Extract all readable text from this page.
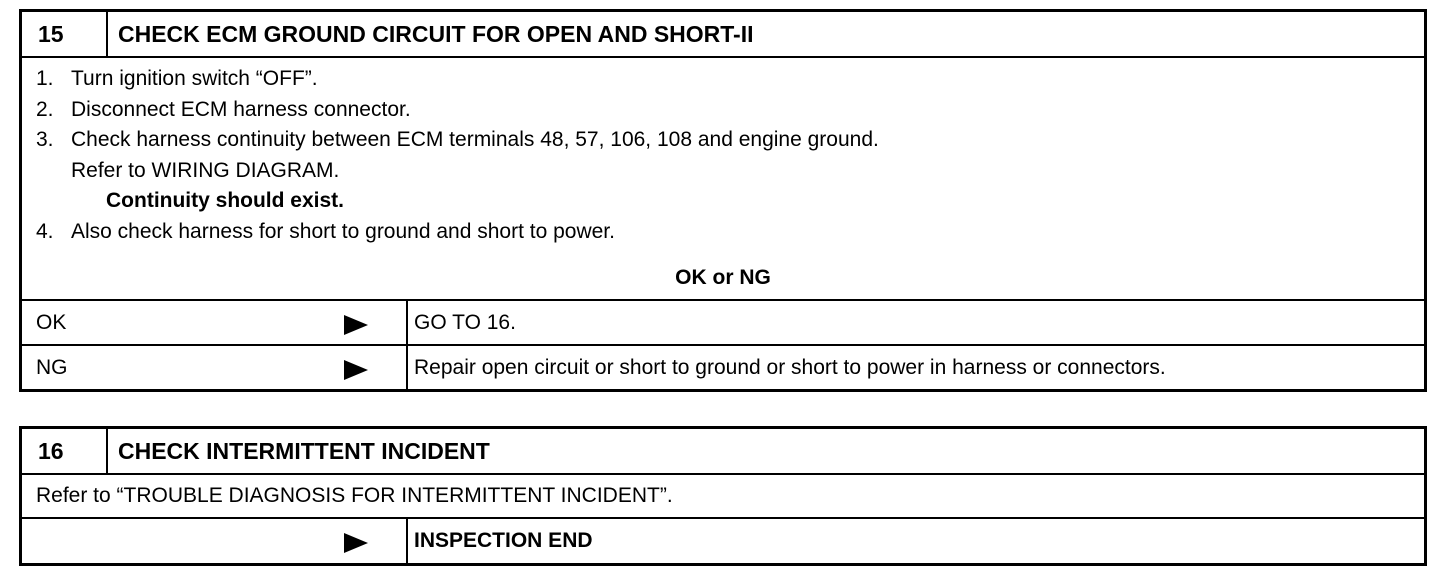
15	CHECK ECM GROUND CIRCUIT FOR OPEN AND SHORT-II
1. Turn ignition switch “OFF”.
2. Disconnect ECM harness connector.
3. Check harness continuity between ECM terminals 48, 57, 106, 108 and engine ground.
Refer to WIRING DIAGRAM.
Continuity should exist.
4. Also check harness for short to ground and short to power.
OK or NG
OK	GO TO 16.
NG	Repair open circuit or short to ground or short to power in harness or connectors.
16	CHECK INTERMITTENT INCIDENT
Refer to “TROUBLE DIAGNOSIS FOR INTERMITTENT INCIDENT”.
INSPECTION END
